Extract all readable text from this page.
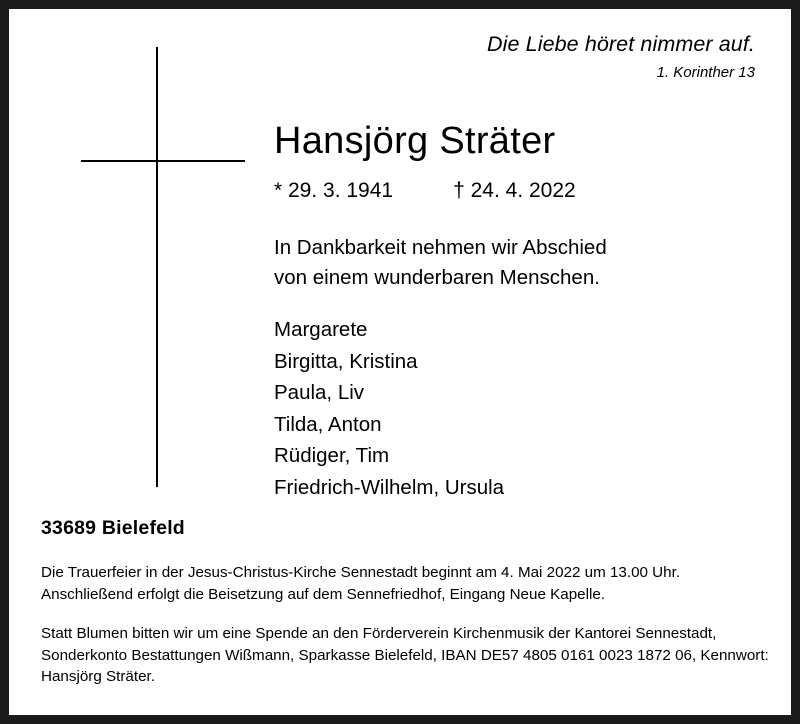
Die Liebe höret nimmer auf.
1. Korinther 13
Hansjörg Sträter
* 29. 3. 1941	† 24. 4. 2022
In Dankbarkeit nehmen wir Abschied
von einem wunderbaren Menschen.
Margarete
Birgitta, Kristina
Paula, Liv
Tilda, Anton
Rüdiger, Tim
Friedrich-Wilhelm, Ursula
33689 Bielefeld

Die Trauerfeier in der Jesus-Christus-Kirche Sennestadt beginnt am 4. Mai 2022 um 13.00 Uhr. Anschließend erfolgt die Beisetzung auf dem Sennefriedhof, Eingang Neue Kapelle.

Statt Blumen bitten wir um eine Spende an den Förderverein Kirchenmusik der Kantorei Sennestadt, Sonderkonto Bestattungen Wißmann, Sparkasse Bielefeld, IBAN DE57 4805 0161 0023 1872 06, Kennwort: Hansjörg Sträter.
